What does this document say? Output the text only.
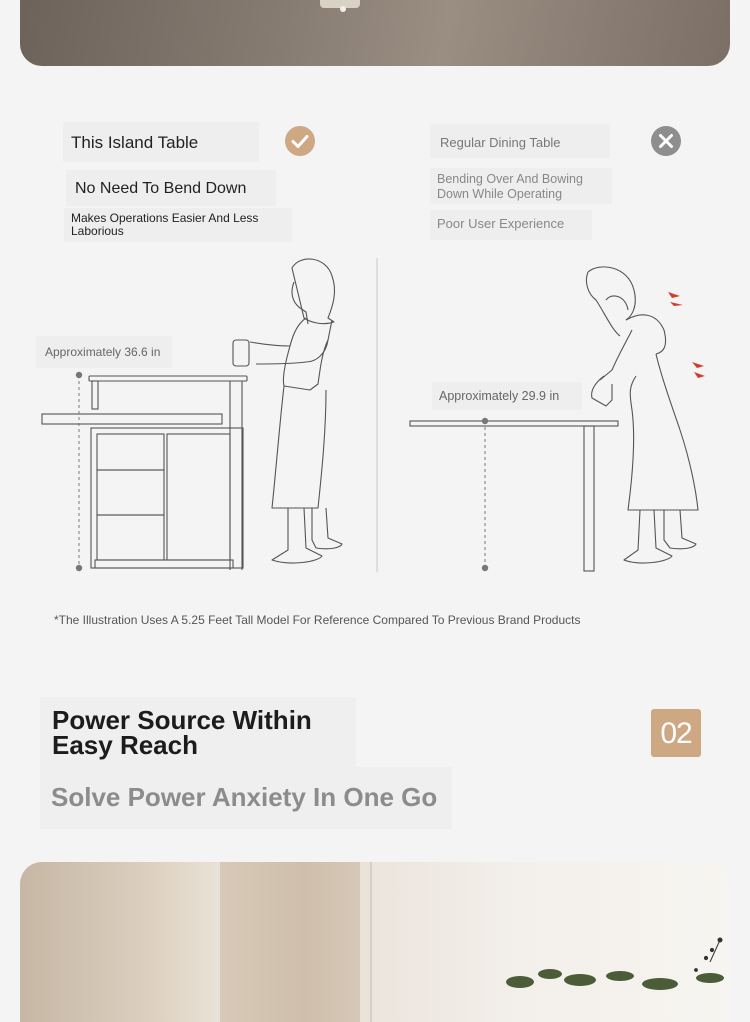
This Island Table
No Need To Bend Down
Makes Operations Easier And Less Laborious
Regular Dining Table
Bending Over And Bowing Down While Operating
Poor User Experience
Approximately 36.6 in
Approximately 29.9 in
*The Illustration Uses A 5.25 Feet Tall Model For Reference Compared To Previous Brand Products
Power Source Within
Easy Reach
Solve Power Anxiety In One Go
02
